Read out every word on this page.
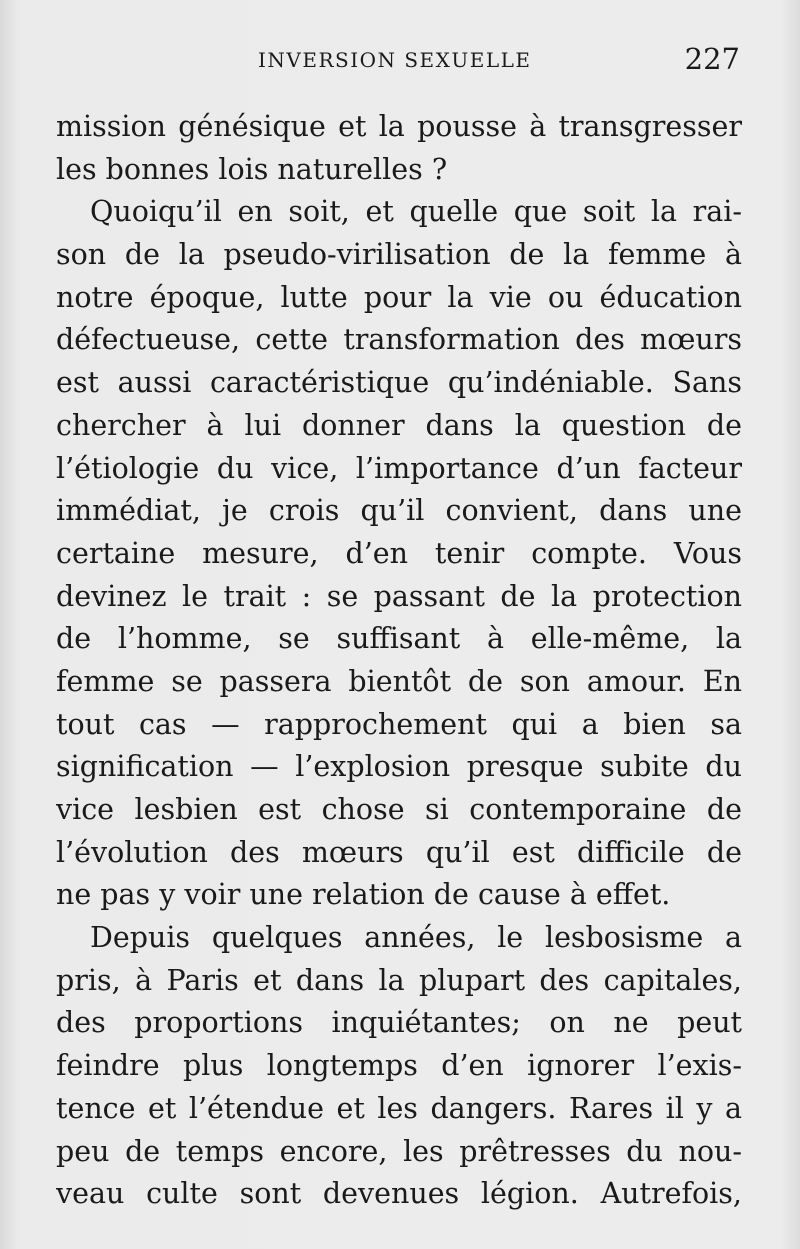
INVERSION SEXUELLE	227
mission génésique et la pousse à transgresser
les bonnes lois naturelles ?
Quoiqu’il en soit, et quelle que soit la rai-
son de la pseudo-virilisation de la femme à
notre époque, lutte pour la vie ou éducation
défectueuse, cette transformation des mœurs
est aussi caractéristique qu’indéniable. Sans
chercher à lui donner dans la question de
l’étiologie du vice, l’importance d’un facteur
immédiat, je crois qu’il convient, dans une
certaine mesure, d’en tenir compte. Vous
devinez le trait : se passant de la protection
de l’homme, se suffisant à elle-même, la
femme se passera bientôt de son amour. En
tout cas — rapprochement qui a bien sa
signification — l’explosion presque subite du
vice lesbien est chose si contemporaine de
l’évolution des mœurs qu’il est difficile de
ne pas y voir une relation de cause à effet.
Depuis quelques années, le lesbosisme a
pris, à Paris et dans la plupart des capitales,
des proportions inquiétantes; on ne peut
feindre plus longtemps d’en ignorer l’exis-
tence et l’étendue et les dangers. Rares il y a
peu de temps encore, les prêtresses du nou-
veau culte sont devenues légion. Autrefois,
